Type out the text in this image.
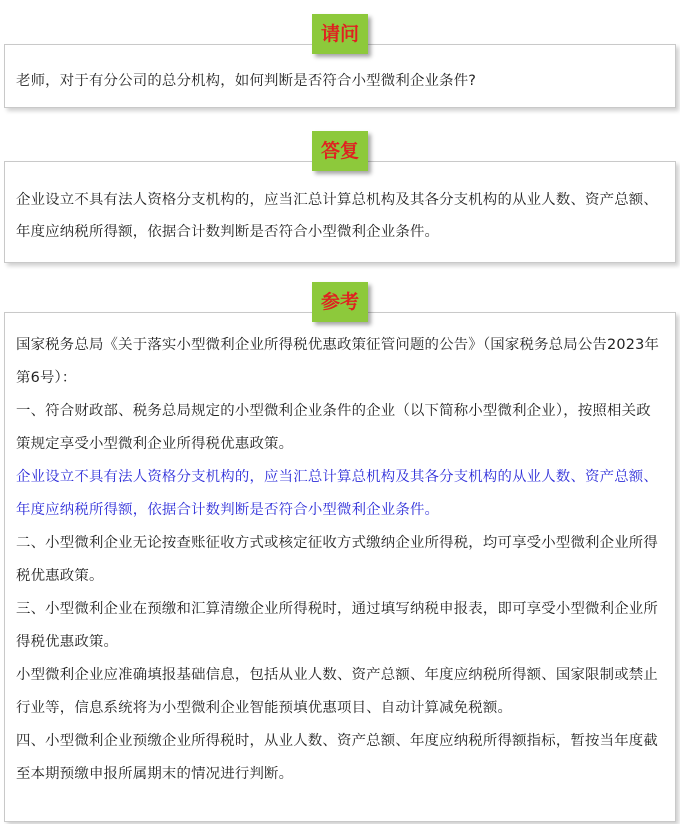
请问

老师，对于有分公司的总分机构，如何判断是否符合小型微利企业条件?

答复

企业设立不具有法人资格分支机构的，应当汇总计算总机构及其各分支机构的从业人数、资产总额、年度应纳税所得额，依据合计数判断是否符合小型微利企业条件。

参考

国家税务总局《关于落实小型微利企业所得税优惠政策征管问题的公告》（国家税务总局公告2023年第6号）：

一、符合财政部、税务总局规定的小型微利企业条件的企业（以下简称小型微利企业），按照相关政策规定享受小型微利企业所得税优惠政策。

企业设立不具有法人资格分支机构的，应当汇总计算总机构及其各分支机构的从业人数、资产总额、年度应纳税所得额，依据合计数判断是否符合小型微利企业条件。

二、小型微利企业无论按查账征收方式或核定征收方式缴纳企业所得税，均可享受小型微利企业所得税优惠政策。

三、小型微利企业在预缴和汇算清缴企业所得税时，通过填写纳税申报表，即可享受小型微利企业所得税优惠政策。

小型微利企业应准确填报基础信息，包括从业人数、资产总额、年度应纳税所得额、国家限制或禁止行业等，信息系统将为小型微利企业智能预填优惠项目、自动计算减免税额。

四、小型微利企业预缴企业所得税时，从业人数、资产总额、年度应纳税所得额指标，暂按当年度截至本期预缴申报所属期末的情况进行判断。
